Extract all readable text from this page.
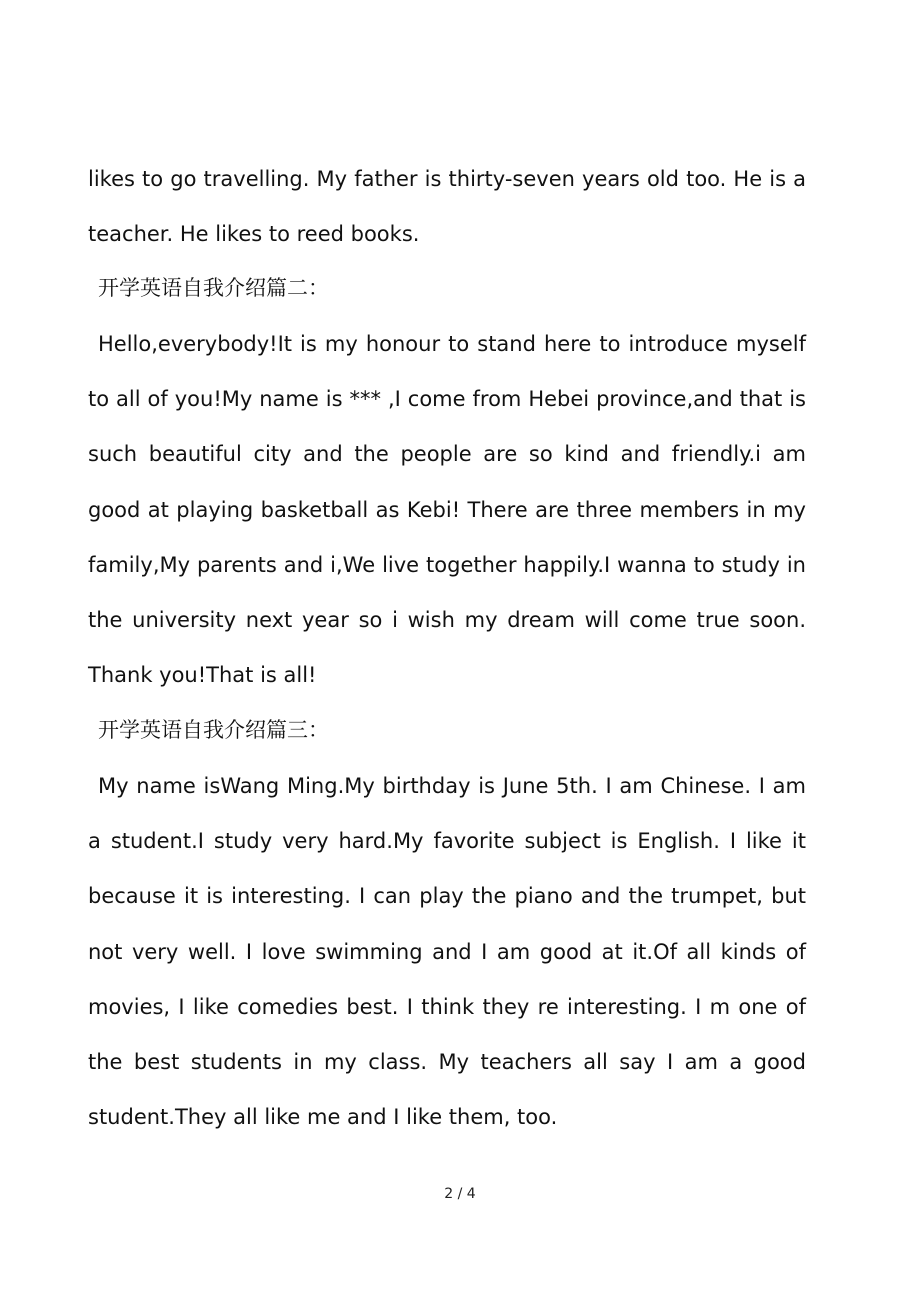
likes to go travelling. My father is thirty-seven years old too. He is a teacher. He likes to reed books.

开学英语自我介绍篇二：

Hello,everybody!It is my honour to stand here to introduce myself to all of you!My name is *** ,I come from Hebei province,and that is such beautiful city and the people are so kind and friendly.i am good at playing basketball as Kebi! There are three members in my family,My parents and i,We live together happily.I wanna to study in the university next year so i wish my dream will come true soon. Thank you!That is all!

开学英语自我介绍篇三：

My name isWang Ming.My birthday is June 5th. I am Chinese. I am a student.I study very hard.My favorite subject is English. I like it because it is interesting. I can play the piano and the trumpet, but not very well. I love swimming and I am good at it.Of all kinds of movies, I like comedies best. I think they re interesting. I m one of the best students in my class. My teachers all say I am a good student.They all like me and I like them, too.

2 / 4
